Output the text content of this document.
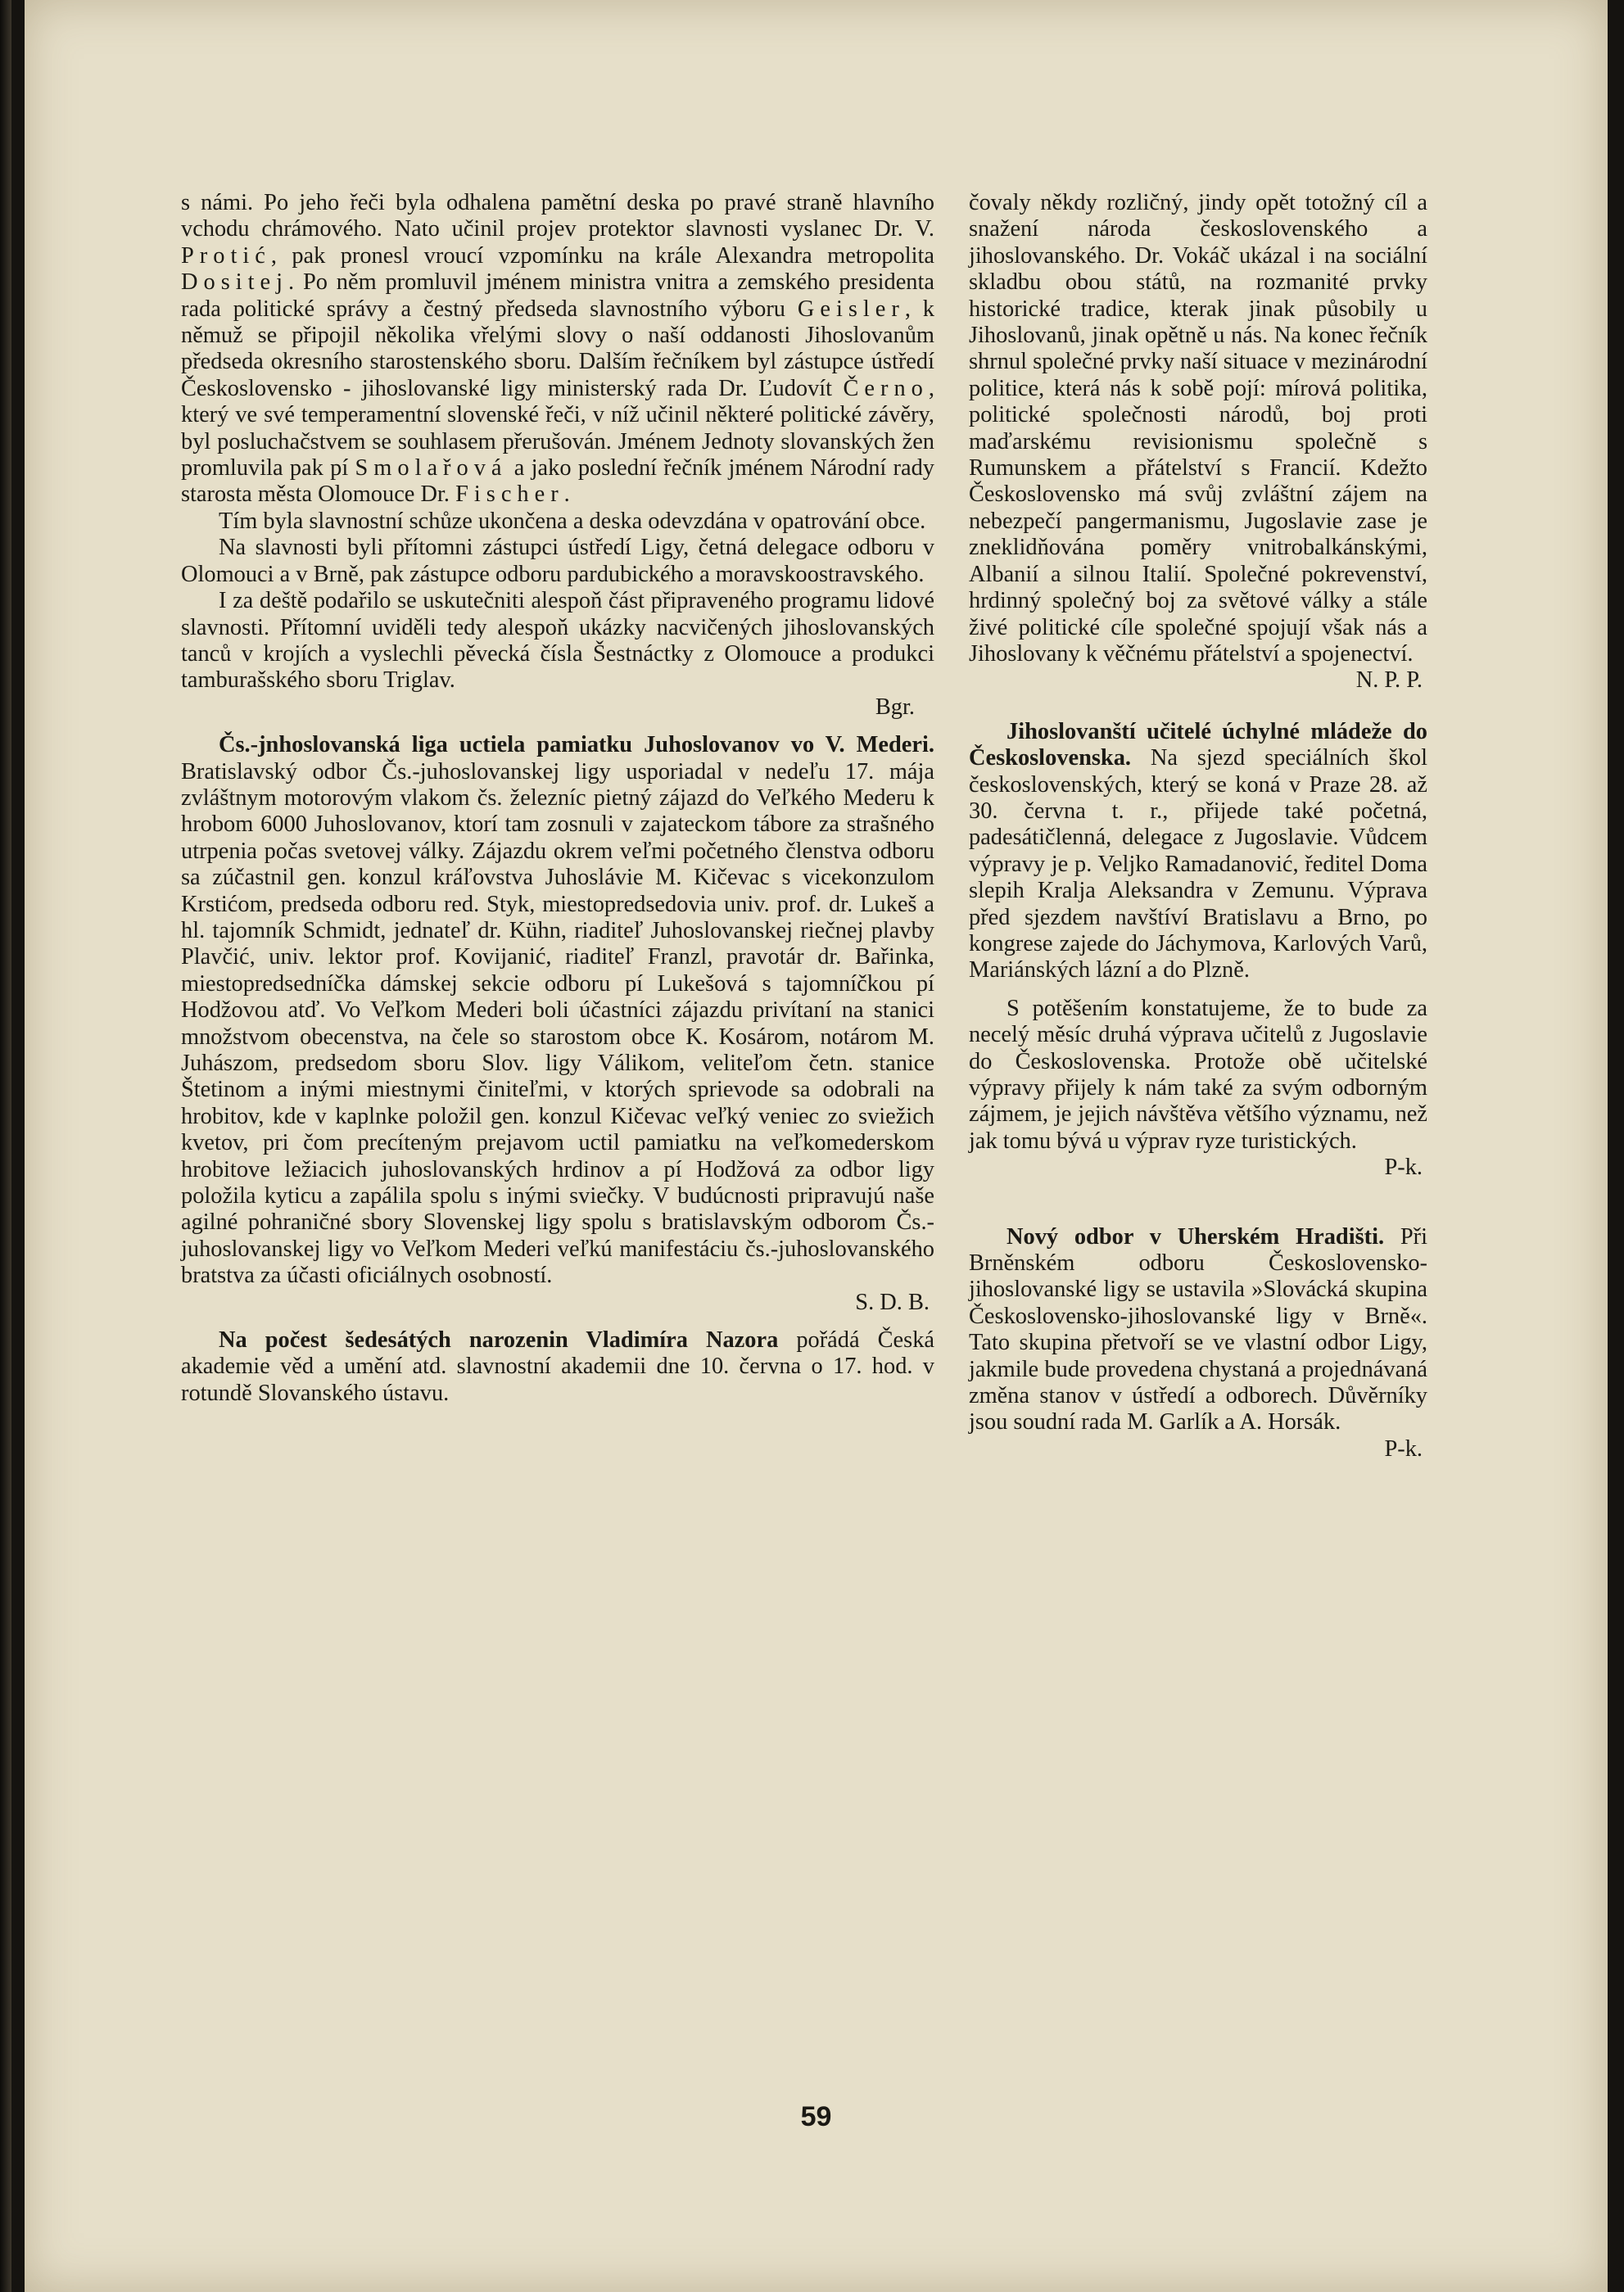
s námi. Po jeho řeči byla odhalena pamětní deska po pravé straně hlavního vchodu chrámového. Nato učinil projev protektor slavnosti vyslanec Dr. V. Protić, pak pronesl vroucí vzpomínku na krále Alexandra metropolita Dositej. Po něm promluvil jménem ministra vnitra a zemského presidenta rada politické správy a čestný předseda slavnostního výboru Geisler, k němuž se připojil několika vřelými slovy o naší oddanosti Jihoslovanům předseda okresního starostenského sboru. Dalším řečníkem byl zástupce ústředí Československo - jihoslovanské ligy ministerský rada Dr. Ľudovít Černo, který ve své temperamentní slovenské řeči, v níž učinil některé politické závěry, byl posluchačstvem se souhlasem přerušován. Jménem Jednoty slovanských žen promluvila pak pí Smolařová a jako poslední řečník jménem Národní rady starosta města Olomouce Dr. Fischer.

Tím byla slavnostní schůze ukončena a deska odevzdána v opatrování obce.

Na slavnosti byli přítomni zástupci ústředí Ligy, četná delegace odboru v Olomouci a v Brně, pak zástupce odboru pardubického a moravskoostravského.

I za deště podařilo se uskutečniti alespoň část připraveného programu lidové slavnosti. Přítomní uviděli tedy alespoň ukázky nacvičených jihoslovanských tanců v krojích a vyslechli pěvecká čísla Šestnáctky z Olomouce a produkci tamburašského sboru Triglav.

Bgr.

Čs.-jnhoslovanská liga uctiela pamiatku Juhoslovanov vo V. Mederi. Bratislavský odbor Čs.-juhoslovanskej ligy usporiadal v nedeľu 17. mája zvláštnym motorovým vlakom čs. železníc pietný zájazd do Veľkého Mederu k hrobom 6000 Juhoslovanov, ktorí tam zosnuli v zajateckom tábore za strašného utrpenia počas svetovej války. Zájazdu okrem veľmi početného členstva odboru sa zúčastnil gen. konzul kráľovstva Juhoslávie M. Kičevac s vicekonzulom Krstićom, predseda odboru red. Styk, miestopredsedovia univ. prof. dr. Lukeš a hl. tajomník Schmidt, jednateľ dr. Kühn, riaditeľ Juhoslovanskej riečnej plavby Plavčić, univ. lektor prof. Kovijanić, riaditeľ Franzl, pravotár dr. Bařinka, miestopredsedníčka dámskej sekcie odboru pí Lukešová s tajomníčkou pí Hodžovou atď. Vo Veľkom Mederi boli účastníci zájazdu privítaní na stanici množstvom obecenstva, na čele so starostom obce K. Kosárom, notárom M. Juhászom, predsedom sboru Slov. ligy Válikom, veliteľom četn. stanice Štetinom a inými miestnymi činiteľmi, v ktorých sprievode sa odobrali na hrobitov, kde v kaplnke položil gen. konzul Kičevac veľký veniec zo sviežich kvetov, pri čom precíteným prejavom uctil pamiatku na veľkomederskom hrobitove ležiacich juhoslovanských hrdinov a pí Hodžová za odbor ligy položila kyticu a zapálila spolu s inými sviečky. V budúcnosti pripravujú naše agilné pohraničné sbory Slovenskej ligy spolu s bratislavským odborom Čs.-juhoslovanskej ligy vo Veľkom Mederi veľkú manifestáciu čs.-juhoslovanského bratstva za účasti oficiálnych osobností.
S. D. B.

Na počest šedesátých narozenin Vladimíra Nazora pořádá Česká akademie věd a umění atd. slavnostní akademii dne 10. června o 17. hod. v rotundě Slovanského ústavu.

čovaly někdy rozličný, jindy opět totožný cíl a snažení národa československého a jihoslovanského. Dr. Vokáč ukázal i na sociální skladbu obou států, na rozmanité prvky historické tradice, kterak jinak působily u Jihoslovanů, jinak opětně u nás. Na konec řečník shrnul společné prvky naší situace v mezinárodní politice, která nás k sobě pojí: mírová politika, politické společnosti národů, boj proti maďarskému revisionismu společně s Rumunskem a přátelství s Francií. Kdežto Československo má svůj zvláštní zájem na nebezpečí pangermanismu, Jugoslavie zase je zneklidňována poměry vnitrobalkánskými, Albanií a silnou Italií. Společné pokrevenství, hrdinný společný boj za světové války a stále živé politické cíle společné spojují však nás a Jihoslovany k věčnému přátelství a spojenectví.
N. P. P.

Jihoslovanští učitelé úchylné mládeže do Československa. Na sjezd speciálních škol československých, který se koná v Praze 28. až 30. června t. r., přijede také početná, padesátičlenná, delegace z Jugoslavie. Vůdcem výpravy je p. Veljko Ramadanović, ředitel Doma slepih Kralja Aleksandra v Zemunu. Výprava před sjezdem navštíví Bratislavu a Brno, po kongrese zajede do Jáchymova, Karlových Varů, Mariánských lázní a do Plzně.

S potěšením konstatujeme, že to bude za necelý měsíc druhá výprava učitelů z Jugoslavie do Československa. Protože obě učitelské výpravy přijely k nám také za svým odborným zájmem, je jejich návštěva většího významu, než jak tomu bývá u výprav ryze turistických.
P-k.

Nový odbor v Uherském Hradišti. Při Brněnském odboru Československo-jihoslovanské ligy se ustavila »Slovácká skupina Československo-jihoslovanské ligy v Brně«. Tato skupina přetvoří se ve vlastní odbor Ligy, jakmile bude provedena chystaná a projednávaná změna stanov v ústředí a odborech. Důvěrníky jsou soudní rada M. Garlík a A. Horsák.
P-k.

59
